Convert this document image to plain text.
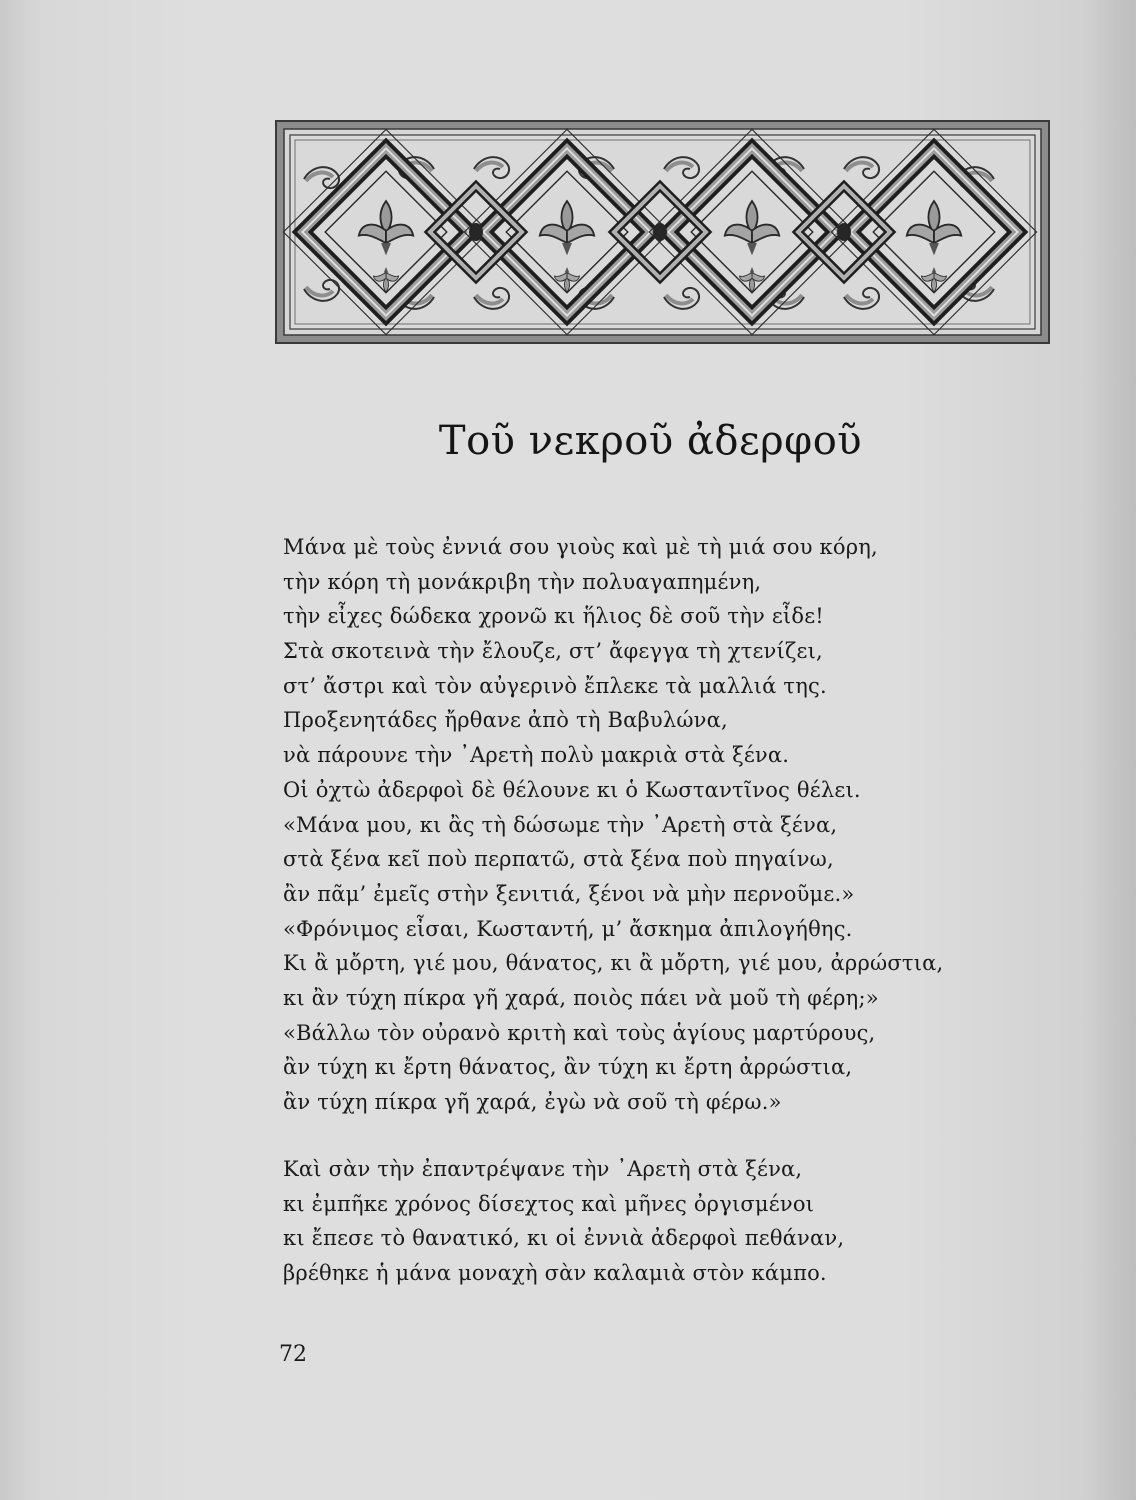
Τοῦ νεκροῦ ἀδερφοῦ
Μάνα μὲ τοὺς ἐννιά σου γιοὺς καὶ μὲ τὴ μιά σου κόρη,
τὴν κόρη τὴ μονάκριβη τὴν πολυαγαπημένη,
τὴν εἶχες δώδεκα χρονῶ κι ἥλιος δὲ σοῦ τὴν εἶδε!
Στὰ σκοτεινὰ τὴν ἔλουζε, στ’ ἄφεγγα τὴ χτενίζει,
στ’ ἄστρι καὶ τὸν αὐγερινὸ ἔπλεκε τὰ μαλλιά της.
Προξενητάδες ἤρθανε ἀπὸ τὴ Βαβυλώνα,
νὰ πάρουνε τὴν ᾿Αρετὴ πολὺ μακριὰ στὰ ξένα.
Οἱ ὀχτὼ ἀδερφοὶ δὲ θέλουνε κι ὁ Κωσταντῖνος θέλει.
«Μάνα μου, κι ἂς τὴ δώσωμε τὴν ᾿Αρετὴ στὰ ξένα,
στὰ ξένα κεῖ ποὺ περπατῶ, στὰ ξένα ποὺ πηγαίνω,
ἂν πᾶμ’ ἐμεῖς στὴν ξενιτιά, ξένοι νὰ μὴν περνοῦμε.»
«Φρόνιμος εἶσαι, Κωσταντή, μ’ ἄσκημα ἀπιλογήθης.
Κι ἂ μὄρτη, γιέ μου, θάνατος, κι ἂ μὄρτη, γιέ μου, ἀρρώστια,
κι ἂν τύχη πίκρα γῆ χαρά, ποιὸς πάει νὰ μοῦ τὴ φέρη;»
«Βάλλω τὸν οὐρανὸ κριτὴ καὶ τοὺς ἁγίους μαρτύρους,
ἂν τύχη κι ἔρτη θάνατος, ἂν τύχη κι ἔρτη ἀρρώστια,
ἂν τύχη πίκρα γῆ χαρά, ἐγὼ νὰ σοῦ τὴ φέρω.»
Καὶ σὰν τὴν ἐπαντρέψανε τὴν ᾿Αρετὴ στὰ ξένα,
κι ἐμπῆκε χρόνος δίσεχτος καὶ μῆνες ὀργισμένοι
κι ἔπεσε τὸ θανατικό, κι οἱ ἐννιὰ ἀδερφοὶ πεθάναν,
βρέθηκε ἡ μάνα μοναχὴ σὰν καλαμιὰ στὸν κάμπο.
72
